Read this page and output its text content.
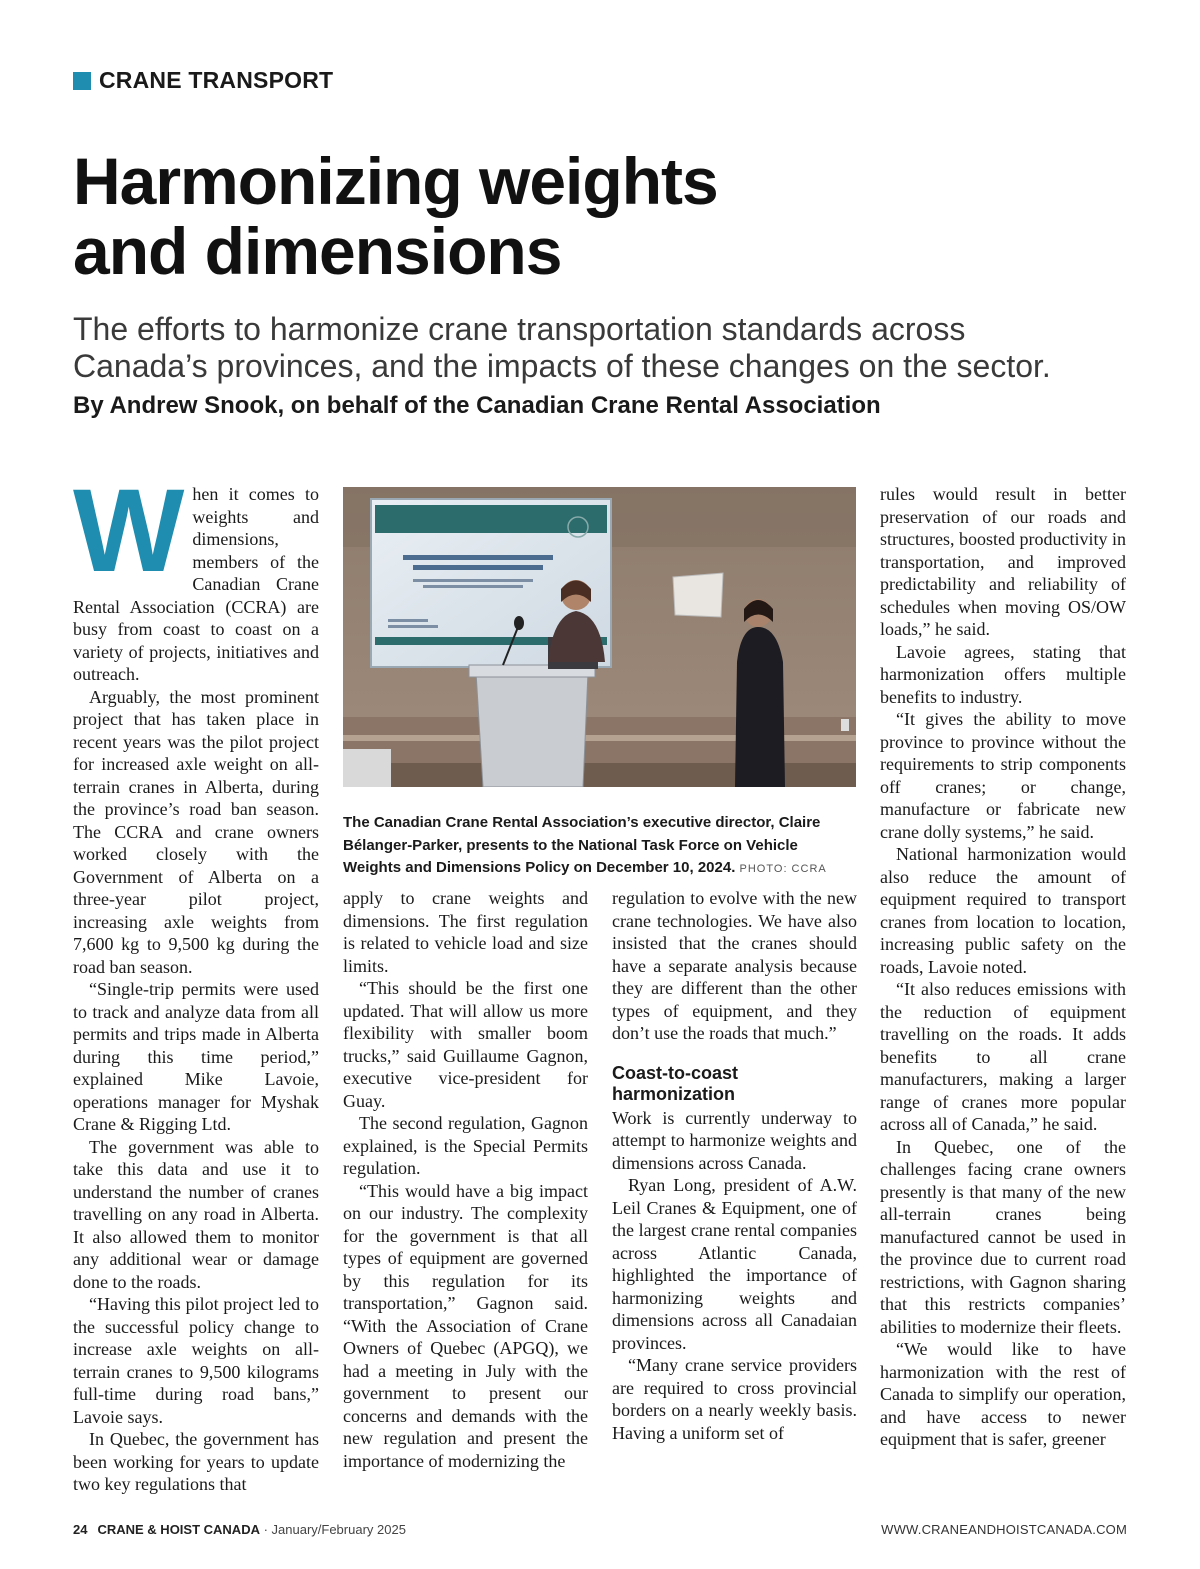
CRANE TRANSPORT
Harmonizing weights
and dimensions

The efforts to harmonize crane transportation standards across
Canada’s provinces, and the impacts of these changes on the sector.

By Andrew Snook, on behalf of the Canadian Crane Rental Association

When it comes to weights and dimensions, members of the Canadian Crane Rental Association (CCRA) are busy from coast to coast on a variety of projects, initiatives and outreach.

Arguably, the most prominent project that has taken place in recent years was the pilot project for increased axle weight on all-terrain cranes in Alberta, during the province’s road ban season. The CCRA and crane owners worked closely with the Government of Alberta on a three-year pilot project, increasing axle weights from 7,600 kg to 9,500 kg during the road ban season.

“Single-trip permits were used to track and analyze data from all permits and trips made in Alberta during this time period,” explained Mike Lavoie, operations manager for Myshak Crane & Rigging Ltd.

The government was able to take this data and use it to understand the number of cranes travelling on any road in Alberta. It also allowed them to monitor any additional wear or damage done to the roads.

“Having this pilot project led to the successful policy change to increase axle weights on all-terrain cranes to 9,500 kilograms full-time during road bans,” Lavoie says.

In Quebec, the government has been working for years to update two key regulations that

The Canadian Crane Rental Association’s executive director, Claire Bélanger-Parker, presents to the National Task Force on Vehicle Weights and Dimensions Policy on December 10, 2024. PHOTO: CCRA

apply to crane weights and dimensions. The first regulation is related to vehicle load and size limits.

“This should be the first one updated. That will allow us more flexibility with smaller boom trucks,” said Guillaume Gagnon, executive vice-president for Guay.

The second regulation, Gagnon explained, is the Special Permits regulation.

“This would have a big impact on our industry. The complexity for the government is that all types of equipment are governed by this regulation for its transportation,” Gagnon said. “With the Association of Crane Owners of Quebec (APGQ), we had a meeting in July with the government to present our concerns and demands with the new regulation and present the importance of modernizing the

regulation to evolve with the new crane technologies. We have also insisted that the cranes should have a separate analysis because they are different than the other types of equipment, and they don’t use the roads that much.”

Coast-to-coast
harmonization

Work is currently underway to attempt to harmonize weights and dimensions across Canada.

Ryan Long, president of A.W. Leil Cranes & Equipment, one of the largest crane rental companies across Atlantic Canada, highlighted the importance of harmonizing weights and dimensions across all Canadaian provinces.

“Many crane service providers are required to cross provincial borders on a nearly weekly basis. Having a uniform set of

rules would result in better preservation of our roads and structures, boosted productivity in transportation, and improved predictability and reliability of schedules when moving OS/OW loads,” he said.

Lavoie agrees, stating that harmonization offers multiple benefits to industry.

“It gives the ability to move province to province without the requirements to strip components off cranes; or change, manufacture or fabricate new crane dolly systems,” he said.

National harmonization would also reduce the amount of equipment required to transport cranes from location to location, increasing public safety on the roads, Lavoie noted.

“It also reduces emissions with the reduction of equipment travelling on the roads. It adds benefits to all crane manufacturers, making a larger range of cranes more popular across all of Canada,” he said.

In Quebec, one of the challenges facing crane owners presently is that many of the new all-terrain cranes being manufactured cannot be used in the province due to current road restrictions, with Gagnon sharing that this restricts companies’ abilities to modernize their fleets.

“We would like to have harmonization with the rest of Canada to simplify our operation, and have access to newer equipment that is safer, greener

24 CRANE & HOIST CANADA · January/February 2025	WWW.CRANEANDHOISTCANADA.COM
